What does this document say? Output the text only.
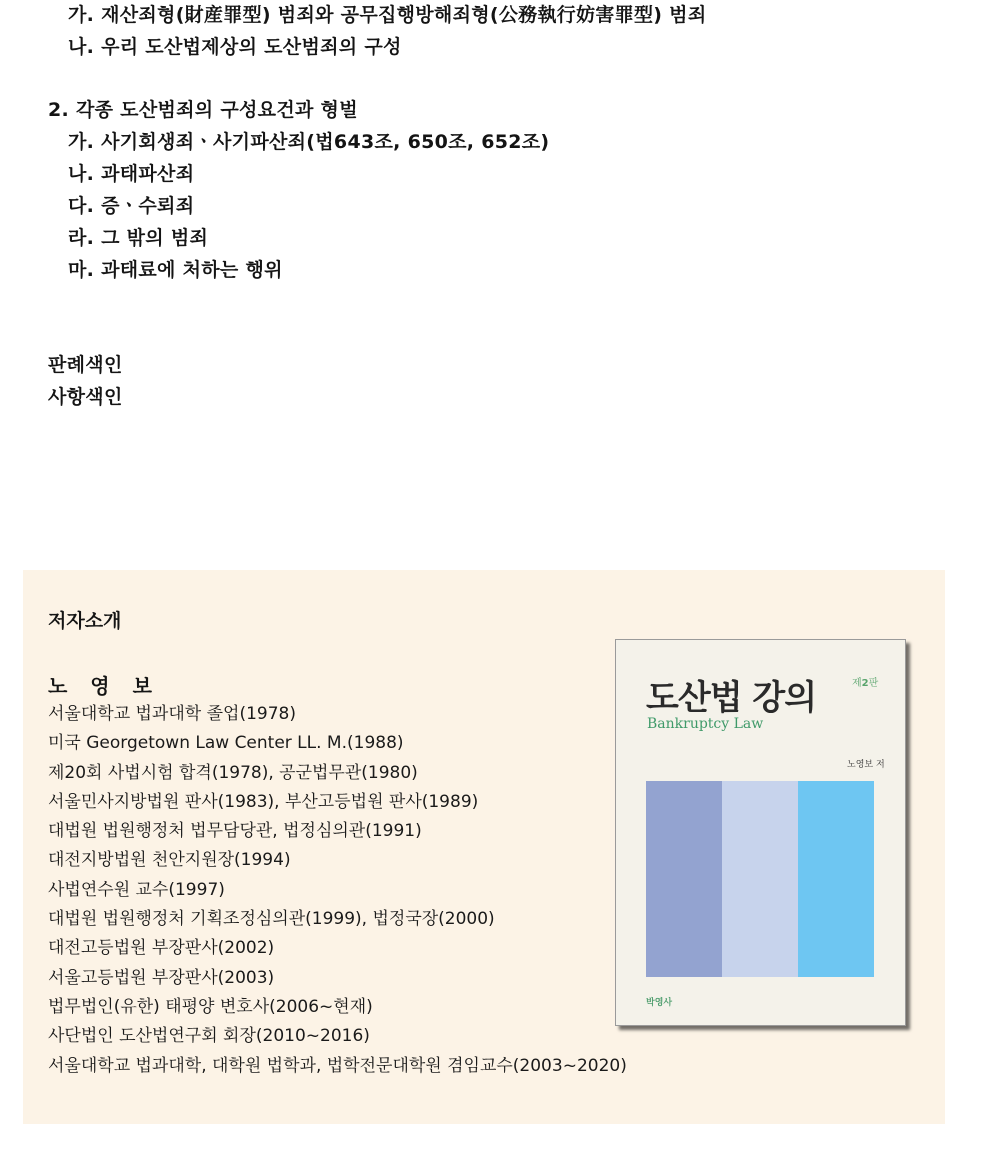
가. 재산죄형(財産罪型) 범죄와 공무집행방해죄형(公務執行妨害罪型) 범죄
나. 우리 도산법제상의 도산범죄의 구성
2. 각종 도산범죄의 구성요건과 형벌
가. 사기회생죄ㆍ사기파산죄(법643조, 650조, 652조)
나. 과태파산죄
다. 증ㆍ수뢰죄
라. 그 밖의 범죄
마. 과태료에 처하는 행위
판례색인
사항색인
저자소개
노 영 보
서울대학교 법과대학 졸업(1978)
미국 Georgetown Law Center LL. M.(1988)
제20회 사법시험 합격(1978), 공군법무관(1980)
서울민사지방법원 판사(1983), 부산고등법원 판사(1989)
대법원 법원행정처 법무담당관, 법정심의관(1991)
대전지방법원 천안지원장(1994)
사법연수원 교수(1997)
대법원 법원행정처 기획조정심의관(1999), 법정국장(2000)
대전고등법원 부장판사(2002)
서울고등법원 부장판사(2003)
법무법인(유한) 태평양 변호사(2006~현재)
사단법인 도산법연구회 회장(2010~2016)
서울대학교 법과대학, 대학원 법학과, 법학전문대학원 겸임교수(2003~2020)
도산법 강의	제2판
Bankruptcy Law
노영보 저
박영사
